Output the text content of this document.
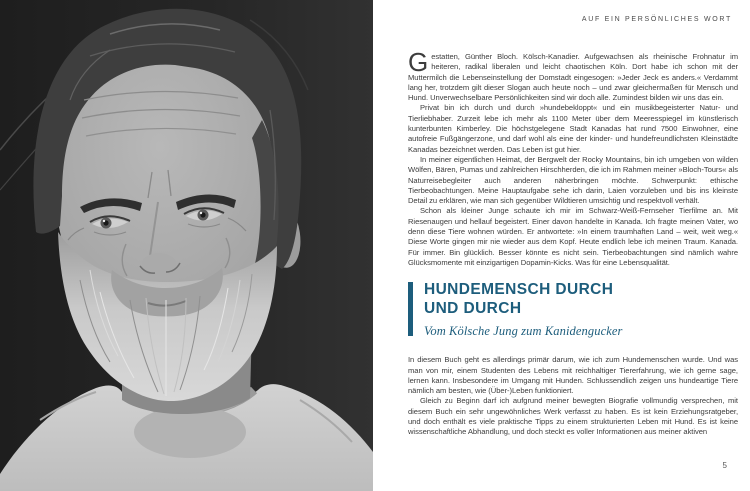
AUF EIN PERSÖNLICHES WORT

Gestatten, Günther Bloch. Kölsch-Kanadier. Aufgewachsen als rheinische Frohnatur im heiteren, radikal liberalen und leicht chaotischen Köln. Dort habe ich schon mit der Muttermilch die Lebenseinstellung der Domstadt eingesogen: »Jeder Jeck es anders.« Verdammt lang her, trotzdem gilt dieser Slogan auch heute noch – und zwar gleichermaßen für Mensch und Hund. Unverwechselbare Persönlichkeiten sind wir doch alle. Zumindest bilden wir uns das ein.

Privat bin ich durch und durch »hundebekloppt« und ein musikbegeisterter Natur- und Tierliebhaber. Zurzeit lebe ich mehr als 1100 Meter über dem Meeresspiegel im künstlerisch kunterbunten Kimberley. Die höchstgelegene Stadt Kanadas hat rund 7500 Einwohner, eine autofreie Fußgängerzone, und darf wohl als eine der kinder- und hundefreundlichsten Kleinstädte Kanadas bezeichnet werden. Das Leben ist gut hier.

In meiner eigentlichen Heimat, der Bergwelt der Rocky Mountains, bin ich umgeben von wilden Wölfen, Bären, Pumas und zahlreichen Hirschherden, die ich im Rahmen meiner »Bloch-Tours« als Naturreisebegleiter auch anderen näherbringen möchte. Schwerpunkt: ethische Tierbeobachtungen. Meine Hauptaufgabe sehe ich darin, Laien vorzuleben und bis ins kleinste Detail zu erklären, wie man sich gegenüber Wildtieren umsichtig und respektvoll verhält.

Schon als kleiner Junge schaute ich mir im Schwarz-Weiß-Fernseher Tierfilme an. Mit Riesenaugen und hellauf begeistert. Einer davon handelte in Kanada. Ich fragte meinen Vater, wo denn diese Tiere wohnen würden. Er antwortete: »In einem traumhaften Land – weit, weit weg.« Diese Worte gingen mir nie wieder aus dem Kopf. Heute endlich lebe ich meinen Traum. Kanada. Für immer. Bin glücklich. Besser könnte es nicht sein. Tierbeobachtungen sind nämlich wahre Glücksmomente mit einzigartigen Dopamin-Kicks. Was für eine Lebensqualität.

HUNDEMENSCH DURCH
UND DURCH
Vom Kölsche Jung zum Kanidengucker

In diesem Buch geht es allerdings primär darum, wie ich zum Hundemenschen wurde. Und was man von mir, einem Studenten des Lebens mit reichhaltiger Tiererfahrung, wie ich gerne sage, lernen kann. Insbesondere im Umgang mit Hunden. Schlussendlich zeigen uns hundeartige Tiere nämlich am besten, wie (Über-)Leben funktioniert.

Gleich zu Beginn darf ich aufgrund meiner bewegten Biografie vollmundig versprechen, mit diesem Buch ein sehr ungewöhnliches Werk verfasst zu haben. Es ist kein Erziehungsratgeber, und doch enthält es viele praktische Tipps zu einem strukturierten Leben mit Hund. Es ist keine wissenschaftliche Abhandlung, und doch steckt es voller Informationen aus meiner aktiven

5
